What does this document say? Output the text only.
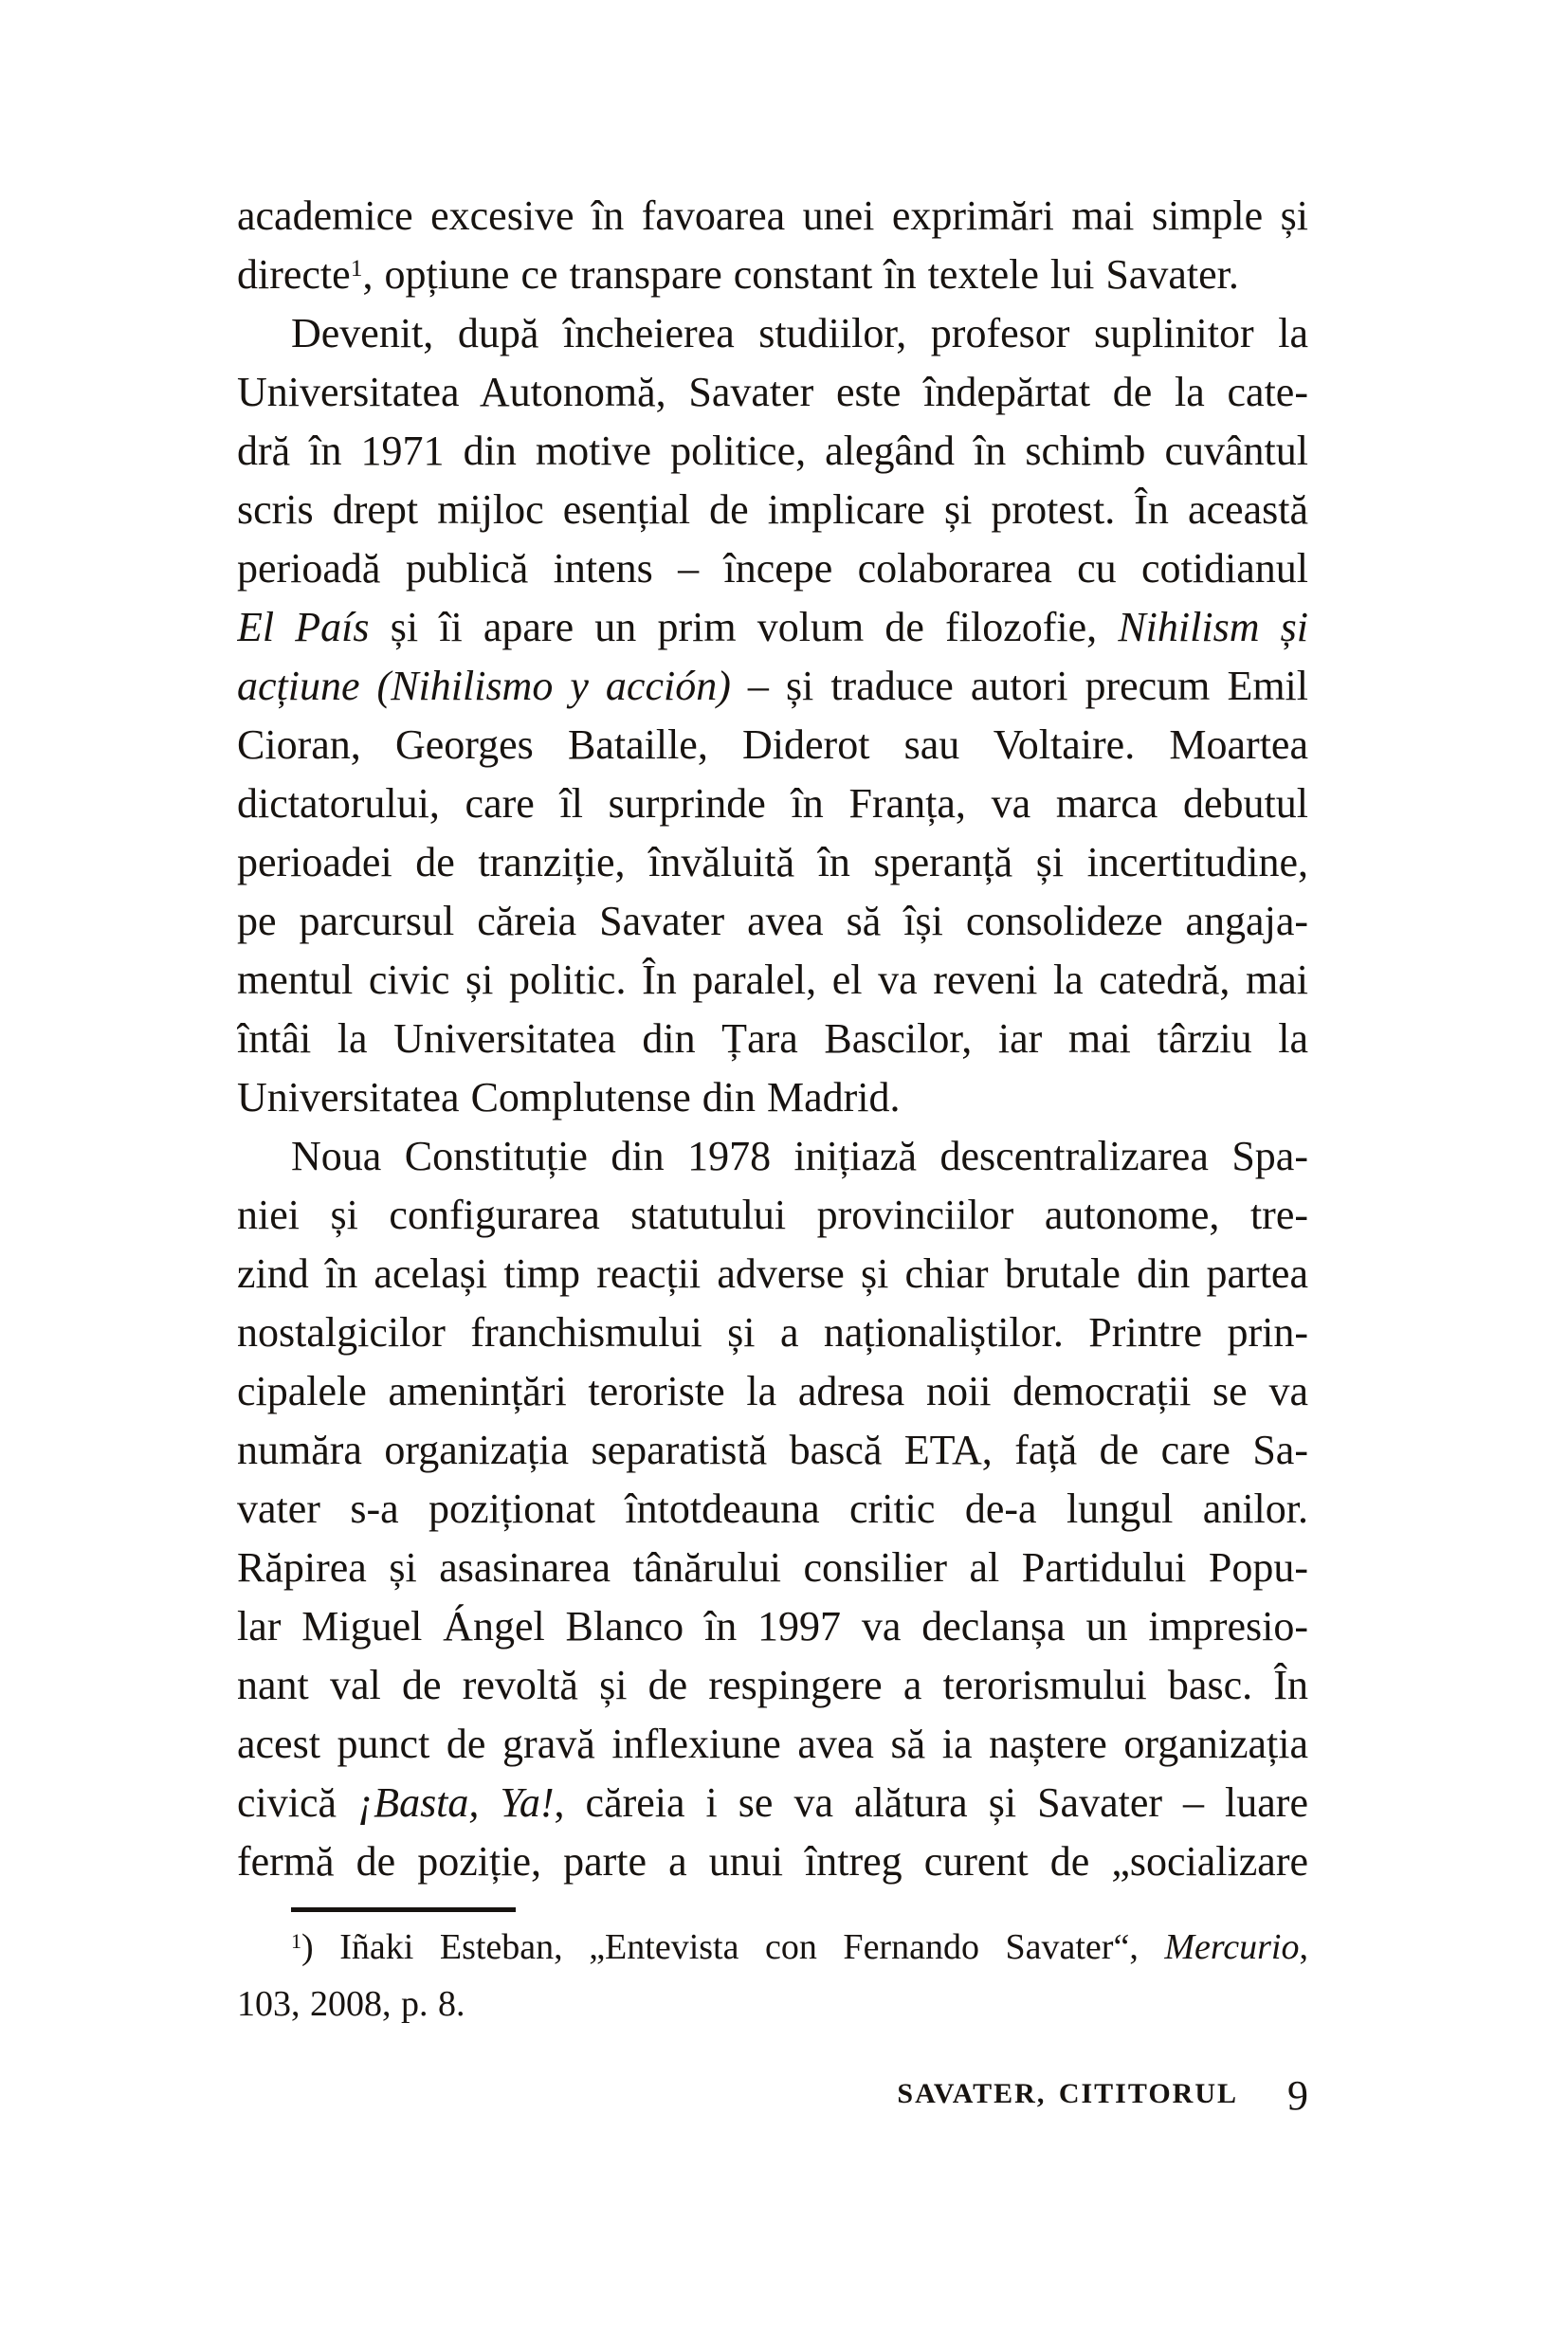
academice excesive în favoarea unei exprimări mai simple și
directe$^1$, opțiune ce transpare constant în textele lui Savater.
Devenit, după încheierea studiilor, profesor suplinitor la
Universitatea Autonomă, Savater este îndepărtat de la cate-
dră în 1971 din motive politice, alegând în schimb cuvântul
scris drept mijloc esențial de implicare și protest. În această
perioadă publică intens – începe colaborarea cu cotidianul
El País și îi apare un prim volum de filozofie, Nihilism și
acțiune (Nihilismo y acción) – și traduce autori precum Emil
Cioran, Georges Bataille, Diderot sau Voltaire. Moartea
dictatorului, care îl surprinde în Franța, va marca debutul
perioadei de tranziție, învăluită în speranță și incertitudine,
pe parcursul căreia Savater avea să își consolideze angaja-
mentul civic și politic. În paralel, el va reveni la catedră, mai
întâi la Universitatea din Țara Bascilor, iar mai târziu la
Universitatea Complutense din Madrid.
Noua Constituție din 1978 inițiază descentralizarea Spa-
niei și configurarea statutului provinciilor autonome, tre-
zind în același timp reacții adverse și chiar brutale din partea
nostalgicilor franchismului și a naționaliștilor. Printre prin-
cipalele amenințări teroriste la adresa noii democrații se va
număra organizația separatistă bască ETA, față de care Sa-
vater s-a poziționat întotdeauna critic de-a lungul anilor.
Răpirea și asasinarea tânărului consilier al Partidului Popu-
lar Miguel Ángel Blanco în 1997 va declanșa un impresio-
nant val de revoltă și de respingere a terorismului basc. În
acest punct de gravă inflexiune avea să ia naștere organizația
civică ¡Basta, Ya!, căreia i se va alătura și Savater – luare
fermă de poziție, parte a unui întreg curent de „socializare
$^1$) Iñaki Esteban, „Entevista con Fernando Savater“, Mercurio,
103, 2008, p. 8.
SAVATER, CITITORUL 9
